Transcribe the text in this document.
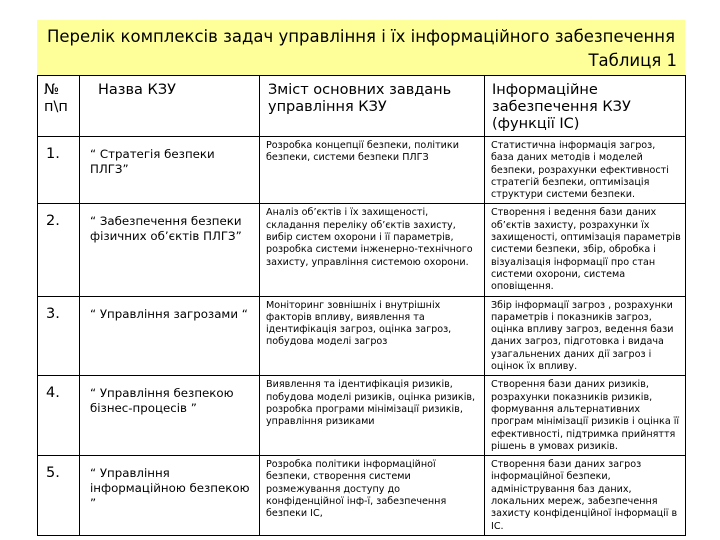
Перелік комплексів задач управління і їх інформаційного забезпечення
Таблиця 1
№ п\п	Назва КЗУ	Зміст основних завдань управління КЗУ	Інформаційне забезпечення КЗУ (функції ІС)
1.	“ Стратегія безпеки ПЛГЗ”	Розробка концепції безпеки, політики безпеки, системи безпеки ПЛГЗ	Статистична інформація загроз, база даних методів і моделей безпеки, розрахунки ефективності стратегій безпеки, оптимізація структури системи безпеки.
2.	“ Забезпечення безпеки фізичних об’єктів ПЛГЗ”	Аналіз об’єктів і їх захищеності, складання переліку об’єктів захисту, вибір систем охорони і її параметрів, розробка системи інженерно-технічного захисту, управління системою охорони.	Створення і ведення бази даних об’єктів захисту, розрахунки їх захищеності, оптимізація параметрів системи безпеки, збір, обробка і візуалізація інформації про стан системи охорони, система оповіщення.
3.	“ Управління загрозами “	Моніторинг зовнішніх і внутрішніх факторів впливу, виявлення та ідентифікація загроз, оцінка загроз, побудова моделі загроз	Збір інформації загроз , розрахунки параметрів і показників загроз, оцінка впливу загроз, ведення бази даних загроз, підготовка і видача узагальнених даних дії загроз і оцінок їх впливу.
4.	“ Управління безпекою бізнес-процесів ”	Виявлення та ідентифікація ризиків, побудова моделі ризиків, оцінка ризиків, розробка програми мінімізації ризиків, управління ризиками	Створення бази даних ризиків, розрахунки показників ризиків, формування альтернативних програм мінімізації ризиків і оцінка її ефективності, підтримка прийняття рішень в умовах ризиків.
5.	“ Управління інформаційною безпекою ”	Розробка політики інформаційної безпеки, створення системи розмежування доступу до конфіденційної інф-ї, забезпечення безпеки ІС,	Створення бази даних загроз інформаційної безпеки, адміністрування баз даних, локальних мереж, забезпечення захисту конфіденційної інформації в ІС.
